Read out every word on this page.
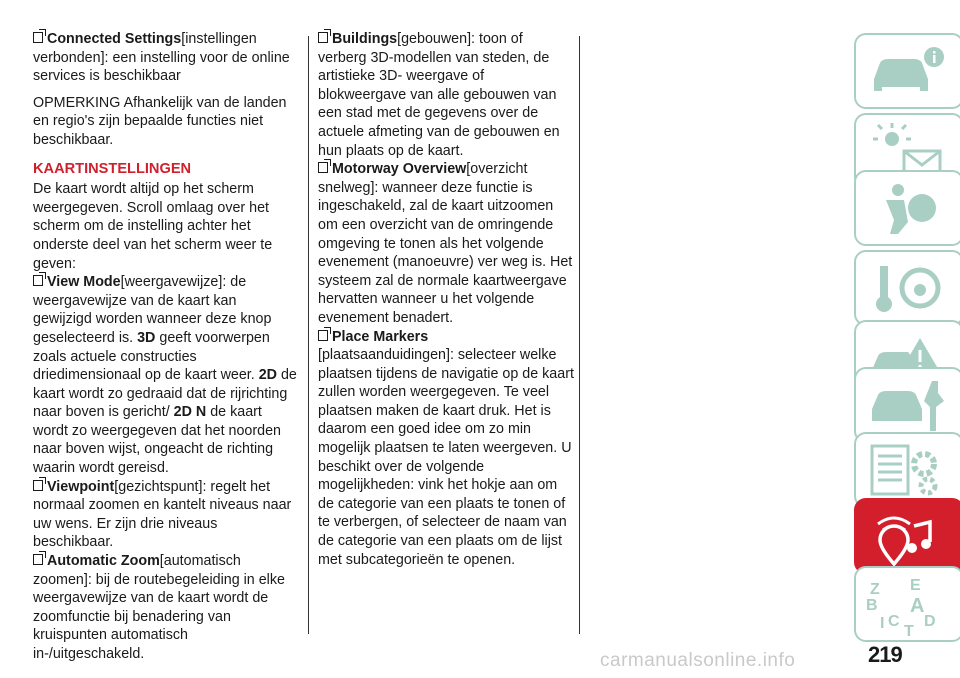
Connected Settings[instellingen verbonden]: een instelling voor de online services is beschikbaar

OPMERKING Afhankelijk van de landen en regio's zijn bepaalde functies niet beschikbaar.

KAARTINSTELLINGEN

De kaart wordt altijd op het scherm weergegeven. Scroll omlaag over het scherm om de instelling achter het onderste deel van het scherm weer te geven:

View Mode[weergavewijze]: de weergavewijze van de kaart kan gewijzigd worden wanneer deze knop geselecteerd is. 3D geeft voorwerpen zoals actuele constructies driedimensionaal op de kaart weer. 2D de kaart wordt zo gedraaid dat de rijrichting naar boven is gericht/ 2D N de kaart wordt zo weergegeven dat het noorden naar boven wijst, ongeacht de richting waarin wordt gereisd.

Viewpoint[gezichtspunt]: regelt het normaal zoomen en kantelt niveaus naar uw wens. Er zijn drie niveaus beschikbaar.

Automatic Zoom[automatisch zoomen]: bij de routebegeleiding in elke weergavewijze van de kaart wordt de zoomfunctie bij benadering van kruispunten automatisch in-/uitgeschakeld.

Buildings[gebouwen]: toon of verberg 3D-modellen van steden, de artistieke 3D- weergave of blokweergave van alle gebouwen van een stad met de gegevens over de actuele afmeting van de gebouwen en hun plaats op de kaart.

Motorway Overview[overzicht snelweg]: wanneer deze functie is ingeschakeld, zal de kaart uitzoomen om een overzicht van de omringende omgeving te tonen als het volgende evenement (manoeuvre) ver weg is. Het systeem zal de normale kaartweergave hervatten wanneer u het volgende evenement benadert.

Place Markers
[plaatsaanduidingen]: selecteer welke plaatsen tijdens de navigatie op de kaart zullen worden weergegeven. Te veel plaatsen maken de kaart druk. Het is daarom een goed idee om zo min mogelijk plaatsen te laten weergeven. U beschikt over de volgende mogelijkheden: vink het hokje aan om de categorie van een plaats te tonen of te verbergen, of selecteer de naam van de categorie van een plaats om de lijst met subcategorieën te openen.

Z E
B A
C D
T
I
219
carmanualsonline.info
